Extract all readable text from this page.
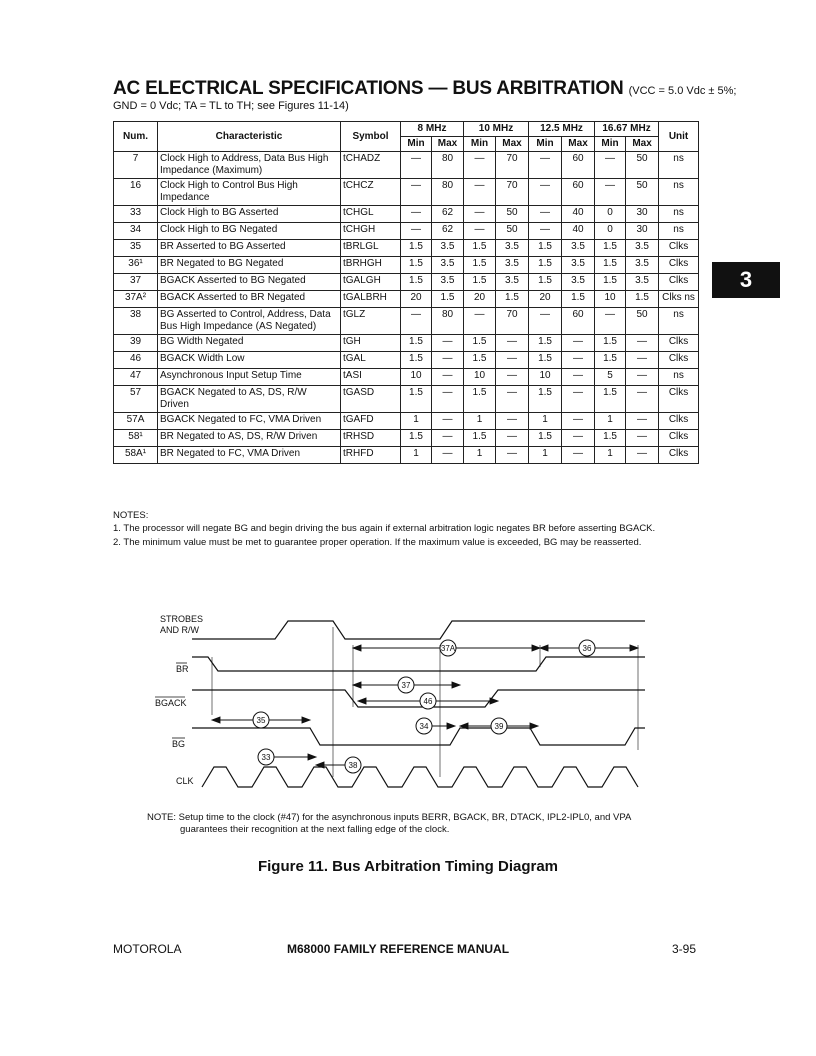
AC ELECTRICAL SPECIFICATIONS — BUS ARBITRATION (VCC = 5.0 Vdc ± 5%;
GND = 0 Vdc; TA = TL to TH; see Figures 11-14)
Num.	Characteristic	Symbol	8 MHz		10 MHz		12.5 MHz		16.67 MHz		Unit
			Min	Max	Min	Max	Min	Max	Min	Max	
7	Clock High to Address, Data Bus High Impedance (Maximum)	tCHADZ	—	80	—	70	—	60	—	50	ns
16	Clock High to Control Bus High Impedance	tCHCZ	—	80	—	70	—	60	—	50	ns
33	Clock High to BG Asserted	tCHGL	—	62	—	50	—	40	0	30	ns
34	Clock High to BG Negated	tCHGH	—	62	—	50	—	40	0	30	ns
35	BR Asserted to BG Asserted	tBRLGL	1.5	3.5	1.5	3.5	1.5	3.5	1.5	3.5	Clks
36¹	BR Negated to BG Negated	tBRHGH	1.5	3.5	1.5	3.5	1.5	3.5	1.5	3.5	Clks
37	BGACK Asserted to BG Negated	tGALGH	1.5	3.5	1.5	3.5	1.5	3.5	1.5	3.5	Clks
37A²	BGACK Asserted to BR Negated	tGALBRH	20	1.5	20	1.5	20	1.5	10	1.5	Clks ns
38	BG Asserted to Control, Address, Data Bus High Impedance (AS Negated)	tGLZ	—	80	—	70	—	60	—	50	ns
39	BG Width Negated	tGH	1.5	—	1.5	—	1.5	—	1.5	—	Clks
46	BGACK Width Low	tGAL	1.5	—	1.5	—	1.5	—	1.5	—	Clks
47	Asynchronous Input Setup Time	tASI	10	—	10	—	10	—	5	—	ns
57	BGACK Negated to AS, DS, R/W Driven	tGASD	1.5	—	1.5	—	1.5	—	1.5	—	Clks
57A	BGACK Negated to FC, VMA Driven	tGAFD	1	—	1	—	1	—	1	—	Clks
58¹	BR Negated to AS, DS, R/W Driven	tRHSD	1.5	—	1.5	—	1.5	—	1.5	—	Clks
58A¹	BR Negated to FC, VMA Driven	tRHFD	1	—	1	—	1	—	1	—	Clks
NOTES:
1. The processor will negate BG and begin driving the bus again if external arbitration logic negates BR before asserting BGACK.
2. The minimum value must be met to guarantee proper operation. If the maximum value is exceeded, BG may be reasserted.
3
STROBES
AND R/W
BR
BGACK
BG
CLK
37A	36
37
46
35
34	39
33
38
NOTE: Setup time to the clock (#47) for the asynchronous inputs BERR, BGACK, BR, DTACK, IPL2-IPL0, and VPA
guarantees their recognition at the next falling edge of the clock.
Figure 11. Bus Arbitration Timing Diagram
MOTOROLA	M68000 FAMILY REFERENCE MANUAL	3-95
